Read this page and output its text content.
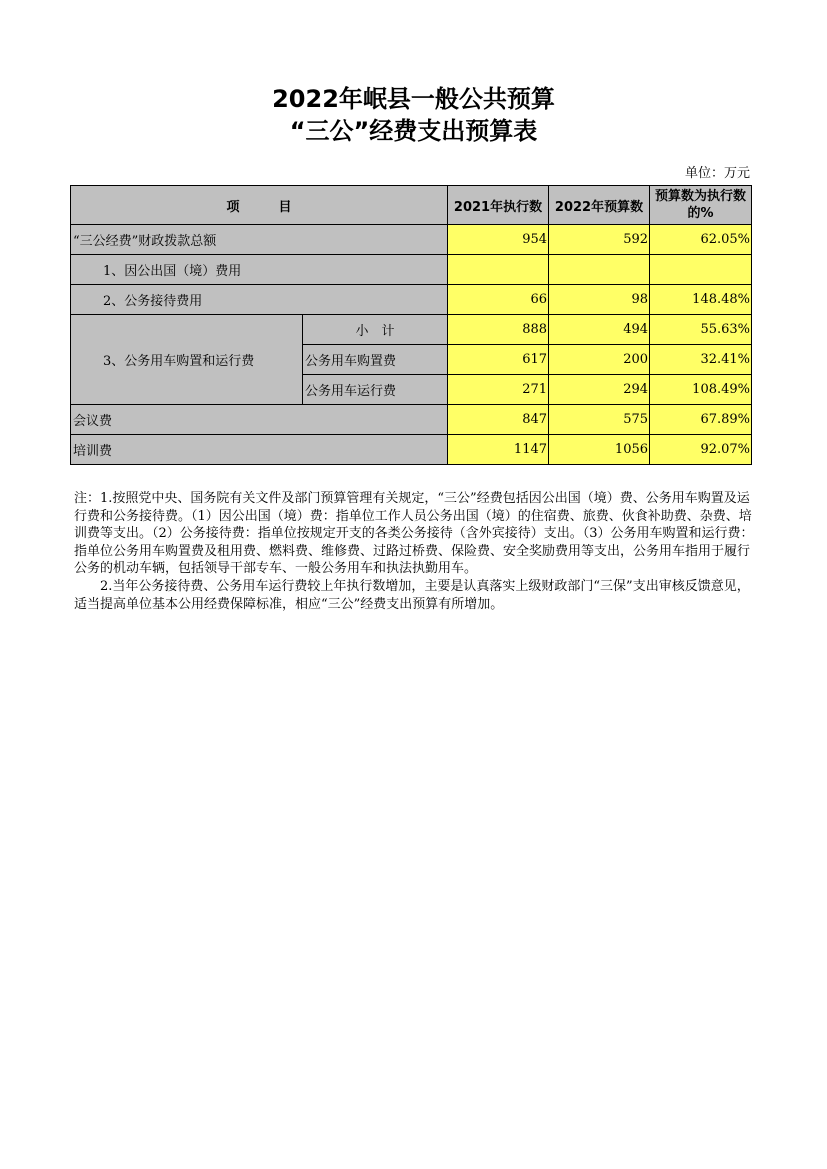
2022年岷县一般公共预算
“三公”经费支出预算表
单位：万元
项　　　目		2021年执行数	2022年预算数	预算数为执行数的%
“三公经费”财政拨款总额		954	592	62.05%
1、因公出国（境）费用				
2、公务接待费用		66	98	148.48%
3、公务用车购置和运行费	小　计	888	494	55.63%
	公务用车购置费	617	200	32.41%
	公务用车运行费	271	294	108.49%
会议费		847	575	67.89%
培训费		1147	1056	92.07%

注：1.按照党中央、国务院有关文件及部门预算管理有关规定，“三公”经费包括因公出国（境）费、公务用车购置及运行费和公务接待费。（1）因公出国（境）费：指单位工作人员公务出国（境）的住宿费、旅费、伙食补助费、杂费、培训费等支出。（2）公务接待费：指单位按规定开支的各类公务接待（含外宾接待）支出。（3）公务用车购置和运行费：指单位公务用车购置费及租用费、燃料费、维修费、过路过桥费、保险费、安全奖励费用等支出，公务用车指用于履行公务的机动车辆，包括领导干部专车、一般公务用车和执法执勤用车。

2.当年公务接待费、公务用车运行费较上年执行数增加，主要是认真落实上级财政部门“三保”支出审核反馈意见，适当提高单位基本公用经费保障标准，相应“三公”经费支出预算有所增加。
